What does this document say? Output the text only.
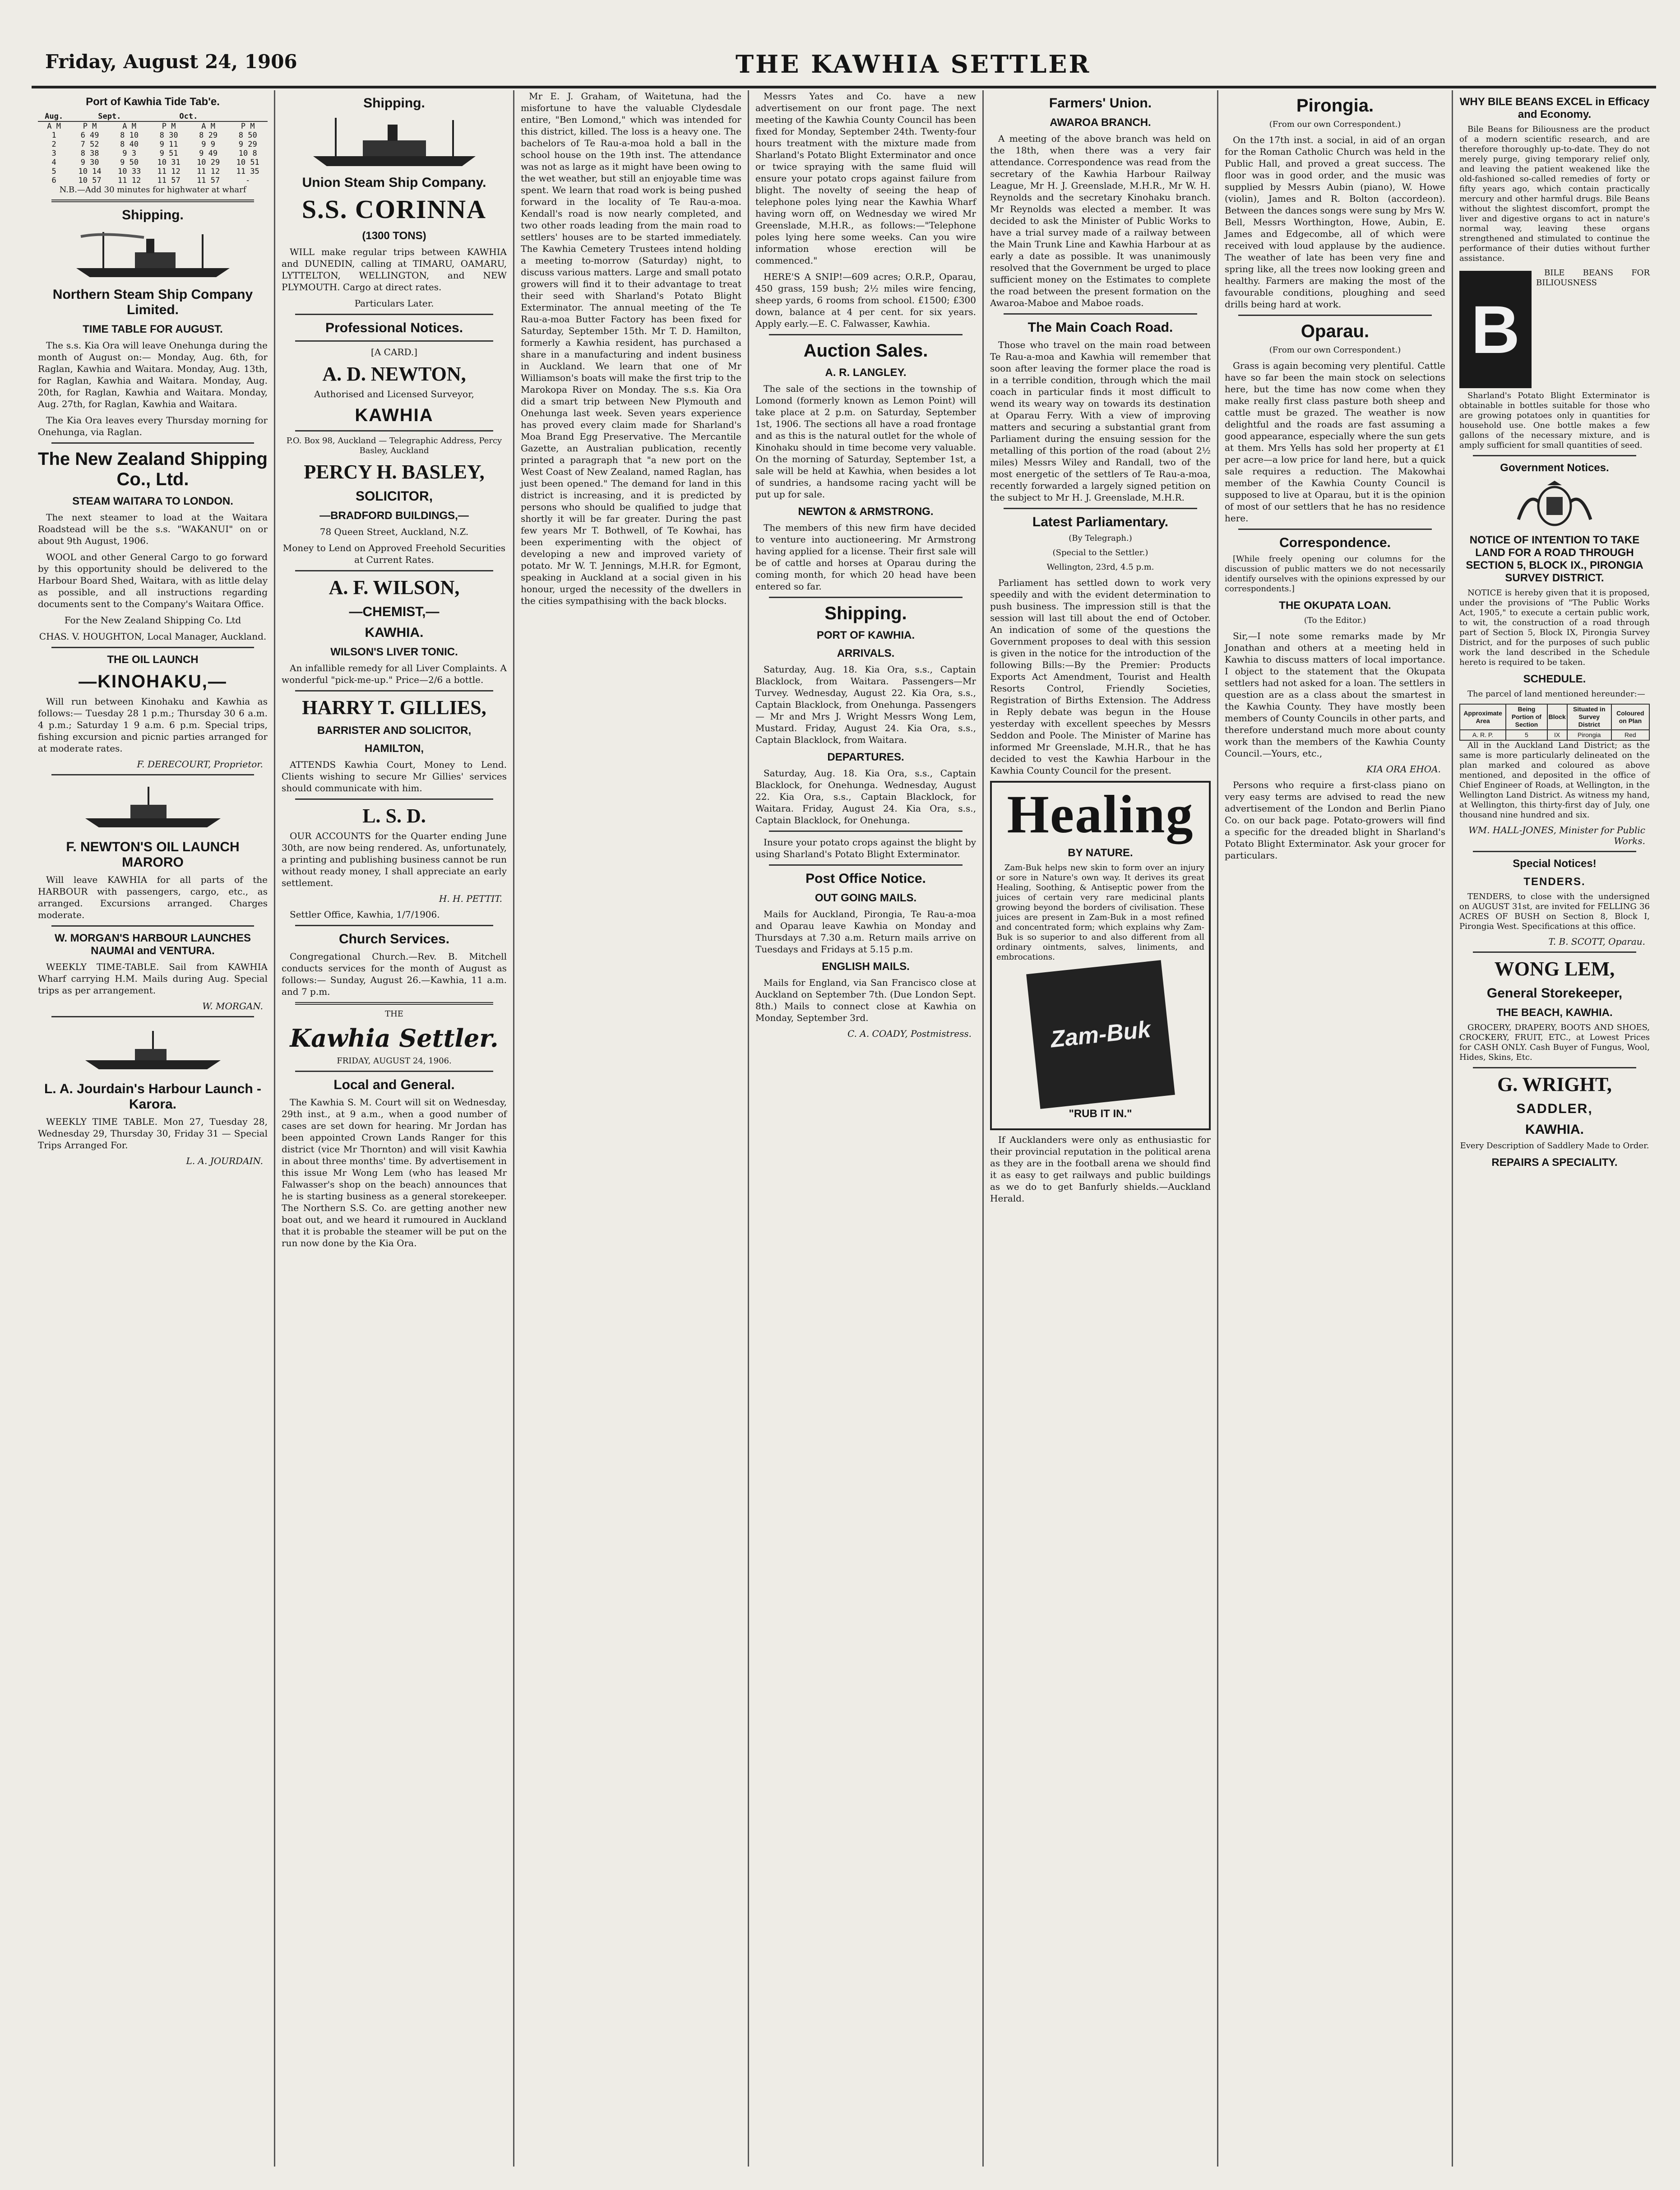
Friday, August 24, 1906	THE KAWHIA SETTLER
Port of Kawhia Tide Tab'e.
Aug.	Sept.		Oct.		
A M	P M	A M	P M	A M	P M
1	6 49	8 10	8 30	8 29	8 50
2	7 52	8 40	9 11	9 9	9 29
3	8 38	9 3	9 51	9 49	10 8
4	9 30	9 50	10 31	10 29	10 51
5	10 14	10 33	11 12	11 12	11 35
6	10 57	11 12	11 57	11 57	-

N.B.—Add 30 minutes for highwater at wharf

Shipping.
Northern Steam Ship Company Limited.
TIME TABLE FOR AUGUST.

The s.s. Kia Ora will leave Onehunga during the month of August on:— Monday, Aug. 6th, for Raglan, Kawhia and Waitara. Monday, Aug. 13th, for Raglan, Kawhia and Waitara. Monday, Aug. 20th, for Raglan, Kawhia and Waitara. Monday, Aug. 27th, for Raglan, Kawhia and Waitara.

The Kia Ora leaves every Thursday morning for Onehunga, via Raglan.

The New Zealand Shipping Co., Ltd.
STEAM WAITARA TO LONDON.

The next steamer to load at the Waitara Roadstead will be the s.s. "WAKANUI" on or about 9th August, 1906.

WOOL and other General Cargo to go forward by this opportunity should be delivered to the Harbour Board Shed, Waitara, with as little delay as possible, and all instructions regarding documents sent to the Company's Waitara Office.

For the New Zealand Shipping Co. Ltd

CHAS. V. HOUGHTON, Local Manager, Auckland.

THE OIL LAUNCH
—KINOHAKU,—

Will run between Kinohaku and Kawhia as follows:— Tuesday 28 1 p.m.; Thursday 30 6 a.m. 4 p.m.; Saturday 1 9 a.m. 6 p.m. Special trips, fishing excursion and picnic parties arranged for at moderate rates.

F. DERECOURT, Proprietor.
F. NEWTON'S OIL LAUNCH MARORO

Will leave KAWHIA for all parts of the HARBOUR with passengers, cargo, etc., as arranged. Excursions arranged. Charges moderate.

W. MORGAN'S HARBOUR LAUNCHES NAUMAI and VENTURA.

WEEKLY TIME-TABLE. Sail from KAWHIA Wharf carrying H.M. Mails during Aug. Special trips as per arrangement.

W. MORGAN.
L. A. Jourdain's Harbour Launch - Karora.

WEEKLY TIME TABLE. Mon 27, Tuesday 28, Wednesday 29, Thursday 30, Friday 31 — Special Trips Arranged For.

L. A. JOURDAIN.
Shipping.
Union Steam Ship Company.
S.S. CORINNA
(1300 TONS)

WILL make regular trips between KAWHIA and DUNEDIN, calling at TIMARU, OAMARU, LYTTELTON, WELLINGTON, and NEW PLYMOUTH. Cargo at direct rates.

Particulars Later.

Professional Notices.

[A CARD.]

A. D. NEWTON,

Authorised and Licensed Surveyor,

KAWHIA

P.O. Box 98, Auckland — Telegraphic Address, Percy Basley, Auckland

PERCY H. BASLEY,
SOLICITOR,
—BRADFORD BUILDINGS,—

78 Queen Street, Auckland, N.Z.

Money to Lend on Approved Freehold Securities at Current Rates.

A. F. WILSON,
—CHEMIST,—
KAWHIA.
WILSON'S LIVER TONIC.

An infallible remedy for all Liver Complaints. A wonderful "pick-me-up." Price—2/6 a bottle.

HARRY T. GILLIES,
BARRISTER AND SOLICITOR,
HAMILTON,

ATTENDS Kawhia Court, Money to Lend. Clients wishing to secure Mr Gillies' services should communicate with him.

L. S. D.

OUR ACCOUNTS for the Quarter ending June 30th, are now being rendered. As, unfortunately, a printing and publishing business cannot be run without ready money, I shall appreciate an early settlement.

H. H. PETTIT.

Settler Office, Kawhia, 1/7/1906.

Church Services.

Congregational Church.—Rev. B. Mitchell conducts services for the month of August as follows:— Sunday, August 26.—Kawhia, 11 a.m. and 7 p.m.

THE

Kawhia Settler.

FRIDAY, AUGUST 24, 1906.

Local and General.

The Kawhia S. M. Court will sit on Wednesday, 29th inst., at 9 a.m., when a good number of cases are set down for hearing. Mr Jordan has been appointed Crown Lands Ranger for this district (vice Mr Thornton) and will visit Kawhia in about three months' time. By advertisement in this issue Mr Wong Lem (who has leased Mr Falwasser's shop on the beach) announces that he is starting business as a general storekeeper. The Northern S.S. Co. are getting another new boat out, and we heard it rumoured in Auckland that it is probable the steamer will be put on the run now done by the Kia Ora.

Mr E. J. Graham, of Waitetuna, had the misfortune to have the valuable Clydesdale entire, "Ben Lomond," which was intended for this district, killed. The loss is a heavy one. The bachelors of Te Rau-a-moa hold a ball in the school house on the 19th inst. The attendance was not as large as it might have been owing to the wet weather, but still an enjoyable time was spent. We learn that road work is being pushed forward in the locality of Te Rau-a-moa. Kendall's road is now nearly completed, and two other roads leading from the main road to settlers' houses are to be started immediately. The Kawhia Cemetery Trustees intend holding a meeting to-morrow (Saturday) night, to discuss various matters. Large and small potato growers will find it to their advantage to treat their seed with Sharland's Potato Blight Exterminator. The annual meeting of the Te Rau-a-moa Butter Factory has been fixed for Saturday, September 15th. Mr T. D. Hamilton, formerly a Kawhia resident, has purchased a share in a manufacturing and indent business in Auckland. We learn that one of Mr Williamson's boats will make the first trip to the Marokopa River on Monday. The s.s. Kia Ora did a smart trip between New Plymouth and Onehunga last week. Seven years experience has proved every claim made for Sharland's Moa Brand Egg Preservative. The Mercantile Gazette, an Australian publication, recently printed a paragraph that "a new port on the West Coast of New Zealand, named Raglan, has just been opened." The demand for land in this district is increasing, and it is predicted by persons who should be qualified to judge that shortly it will be far greater. During the past few years Mr T. Bothwell, of Te Kowhai, has been experimenting with the object of developing a new and improved variety of potato. Mr W. T. Jennings, M.H.R. for Egmont, speaking in Auckland at a social given in his honour, urged the necessity of the dwellers in the cities sympathising with the back blocks.

Messrs Yates and Co. have a new advertisement on our front page. The next meeting of the Kawhia County Council has been fixed for Monday, September 24th. Twenty-four hours treatment with the mixture made from Sharland's Potato Blight Exterminator and once or twice spraying with the same fluid will ensure your potato crops against failure from blight. The novelty of seeing the heap of telephone poles lying near the Kawhia Wharf having worn off, on Wednesday we wired Mr Greenslade, M.H.R., as follows:—"Telephone poles lying here some weeks. Can you wire information whose erection will be commenced."

HERE'S A SNIP!—609 acres; O.R.P., Oparau, 450 grass, 159 bush; 2½ miles wire fencing, sheep yards, 6 rooms from school. £1500; £300 down, balance at 4 per cent. for six years. Apply early.—E. C. Falwasser, Kawhia.

Auction Sales.
A. R. LANGLEY.

The sale of the sections in the township of Lomond (formerly known as Lemon Point) will take place at 2 p.m. on Saturday, September 1st, 1906. The sections all have a road frontage and as this is the natural outlet for the whole of Kinohaku should in time become very valuable. On the morning of Saturday, September 1st, a sale will be held at Kawhia, when besides a lot of sundries, a handsome racing yacht will be put up for sale.

NEWTON & ARMSTRONG.

The members of this new firm have decided to venture into auctioneering. Mr Armstrong having applied for a license. Their first sale will be of cattle and horses at Oparau during the coming month, for which 20 head have been entered so far.

Shipping.
PORT OF KAWHIA.
ARRIVALS.

Saturday, Aug. 18. Kia Ora, s.s., Captain Blacklock, from Waitara. Passengers—Mr Turvey. Wednesday, August 22. Kia Ora, s.s., Captain Blacklock, from Onehunga. Passengers — Mr and Mrs J. Wright Messrs Wong Lem, Mustard. Friday, August 24. Kia Ora, s.s., Captain Blacklock, from Waitara.

DEPARTURES.

Saturday, Aug. 18. Kia Ora, s.s., Captain Blacklock, for Onehunga. Wednesday, August 22. Kia Ora, s.s., Captain Blacklock, for Waitara. Friday, August 24. Kia Ora, s.s., Captain Blacklock, for Onehunga.

Insure your potato crops against the blight by using Sharland's Potato Blight Exterminator.

Post Office Notice.
OUT GOING MAILS.

Mails for Auckland, Pirongia, Te Rau-a-moa and Oparau leave Kawhia on Monday and Thursdays at 7.30 a.m. Return mails arrive on Tuesdays and Fridays at 5.15 p.m.

ENGLISH MAILS.

Mails for England, via San Francisco close at Auckland on September 7th. (Due London Sept. 8th.) Mails to connect close at Kawhia on Monday, September 3rd.

C. A. COADY, Postmistress.
Farmers' Union.
AWAROA BRANCH.

A meeting of the above branch was held on the 18th, when there was a very fair attendance. Correspondence was read from the secretary of the Kawhia Harbour Railway League, Mr H. J. Greenslade, M.H.R., Mr W. H. Reynolds and the secretary Kinohaku branch. Mr Reynolds was elected a member. It was decided to ask the Minister of Public Works to have a trial survey made of a railway between the Main Trunk Line and Kawhia Harbour at as early a date as possible. It was unanimously resolved that the Government be urged to place sufficient money on the Estimates to complete the road between the present formation on the Awaroa-Maboe and Maboe roads.

The Main Coach Road.

Those who travel on the main road between Te Rau-a-moa and Kawhia will remember that soon after leaving the former place the road is in a terrible condition, through which the mail coach in particular finds it most difficult to wend its weary way on towards its destination at Oparau Ferry. With a view of improving matters and securing a substantial grant from Parliament during the ensuing session for the metalling of this portion of the road (about 2½ miles) Messrs Wiley and Randall, two of the most energetic of the settlers of Te Rau-a-moa, recently forwarded a largely signed petition on the subject to Mr H. J. Greenslade, M.H.R.

Latest Parliamentary.

(By Telegraph.)

(Special to the Settler.)

Wellington, 23rd, 4.5 p.m.

Parliament has settled down to work very speedily and with the evident determination to push business. The impression still is that the session will last till about the end of October. An indication of some of the questions the Government proposes to deal with this session is given in the notice for the introduction of the following Bills:—By the Premier: Products Exports Act Amendment, Tourist and Health Resorts Control, Friendly Societies, Registration of Births Extension. The Address in Reply debate was begun in the House yesterday with excellent speeches by Messrs Seddon and Poole. The Minister of Marine has informed Mr Greenslade, M.H.R., that he has decided to vest the Kawhia Harbour in the Kawhia County Council for the present.

Healing
BY NATURE.

Zam-Buk helps new skin to form over an injury or sore in Nature's own way. It derives its great Healing, Soothing, & Antiseptic power from the juices of certain very rare medicinal plants growing beyond the borders of civilisation. These juices are present in Zam-Buk in a most refined and concentrated form; which explains why Zam-Buk is so superior to and also different from all ordinary ointments, salves, liniments, and embrocations.

Zam-Buk
"RUB IT IN."

If Aucklanders were only as enthusiastic for their provincial reputation in the political arena as they are in the football arena we should find it as easy to get railways and public buildings as we do to get Banfurly shields.—Auckland Herald.

Pirongia.

(From our own Correspondent.)

On the 17th inst. a social, in aid of an organ for the Roman Catholic Church was held in the Public Hall, and proved a great success. The floor was in good order, and the music was supplied by Messrs Aubin (piano), W. Howe (violin), James and R. Bolton (accordeon). Between the dances songs were sung by Mrs W. Bell, Messrs Worthington, Howe, Aubin, E. James and Edgecombe, all of which were received with loud applause by the audience. The weather of late has been very fine and spring like, all the trees now looking green and healthy. Farmers are making the most of the favourable conditions, ploughing and seed drills being hard at work.

Oparau.

(From our own Correspondent.)

Grass is again becoming very plentiful. Cattle have so far been the main stock on selections here, but the time has now come when they make really first class pasture both sheep and cattle must be grazed. The weather is now delightful and the roads are fast assuming a good appearance, especially where the sun gets at them. Mrs Yells has sold her property at £1 per acre—a low price for land here, but a quick sale requires a reduction. The Makowhai member of the Kawhia County Council is supposed to live at Oparau, but it is the opinion of most of our settlers that he has no residence here.

Correspondence.

[While freely opening our columns for the discussion of public matters we do not necessarily identify ourselves with the opinions expressed by our correspondents.]

THE OKUPATA LOAN.

(To the Editor.)

Sir,—I note some remarks made by Mr Jonathan and others at a meeting held in Kawhia to discuss matters of local importance. I object to the statement that the Okupata settlers had not asked for a loan. The settlers in question are as a class about the smartest in the Kawhia County. They have mostly been members of County Councils in other parts, and therefore understand much more about county work than the members of the Kawhia County Council.—Yours, etc.,

KIA ORA EHOA.

Persons who require a first-class piano on very easy terms are advised to read the new advertisement of the London and Berlin Piano Co. on our back page. Potato-growers will find a specific for the dreaded blight in Sharland's Potato Blight Exterminator. Ask your grocer for particulars.

WHY BILE BEANS EXCEL in Efficacy and Economy.

Bile Beans for Biliousness are the product of a modern scientific research, and are therefore thoroughly up-to-date. They do not merely purge, giving temporary relief only, and leaving the patient weakened like the old-fashioned so-called remedies of forty or fifty years ago, which contain practically mercury and other harmful drugs. Bile Beans without the slightest discomfort, prompt the liver and digestive organs to act in nature's normal way, leaving these organs strengthened and stimulated to continue the performance of their duties without further assistance.

B

BILE BEANS FOR BILIOUSNESS

Sharland's Potato Blight Exterminator is obtainable in bottles suitable for those who are growing potatoes only in quantities for household use. One bottle makes a few gallons of the necessary mixture, and is amply sufficient for small quantities of seed.

Government Notices.
NOTICE OF INTENTION TO TAKE LAND FOR A ROAD THROUGH SECTION 5, BLOCK IX., PIRONGIA SURVEY DISTRICT.

NOTICE is hereby given that it is proposed, under the provisions of "The Public Works Act, 1905," to execute a certain public work, to wit, the construction of a road through part of Section 5, Block IX, Pirongia Survey District, and for the purposes of such public work the land described in the Schedule hereto is required to be taken.

SCHEDULE.

The parcel of land mentioned hereunder:—

Approximate Area	Being Portion of Section	Block	Situated in Survey District	Coloured on Plan
A. R. P.	5	IX	Pirongia	Red

All in the Auckland Land District; as the same is more particularly delineated on the plan marked and coloured as above mentioned, and deposited in the office of Chief Engineer of Roads, at Wellington, in the Wellington Land District. As witness my hand, at Wellington, this thirty-first day of July, one thousand nine hundred and six.

WM. HALL-JONES, Minister for Public Works.
Special Notices!
TENDERS.

TENDERS, to close with the undersigned on AUGUST 31st, are invited for FELLING 36 ACRES OF BUSH on Section 8, Block I, Pirongia West. Specifications at this office.

T. B. SCOTT, Oparau.
WONG LEM,
General Storekeeper,
THE BEACH, KAWHIA.

GROCERY, DRAPERY, BOOTS AND SHOES, CROCKERY, FRUIT, ETC., at Lowest Prices for CASH ONLY. Cash Buyer of Fungus, Wool, Hides, Skins, Etc.

G. WRIGHT,
SADDLER,
KAWHIA.

Every Description of Saddlery Made to Order.

REPAIRS A SPECIALITY.
